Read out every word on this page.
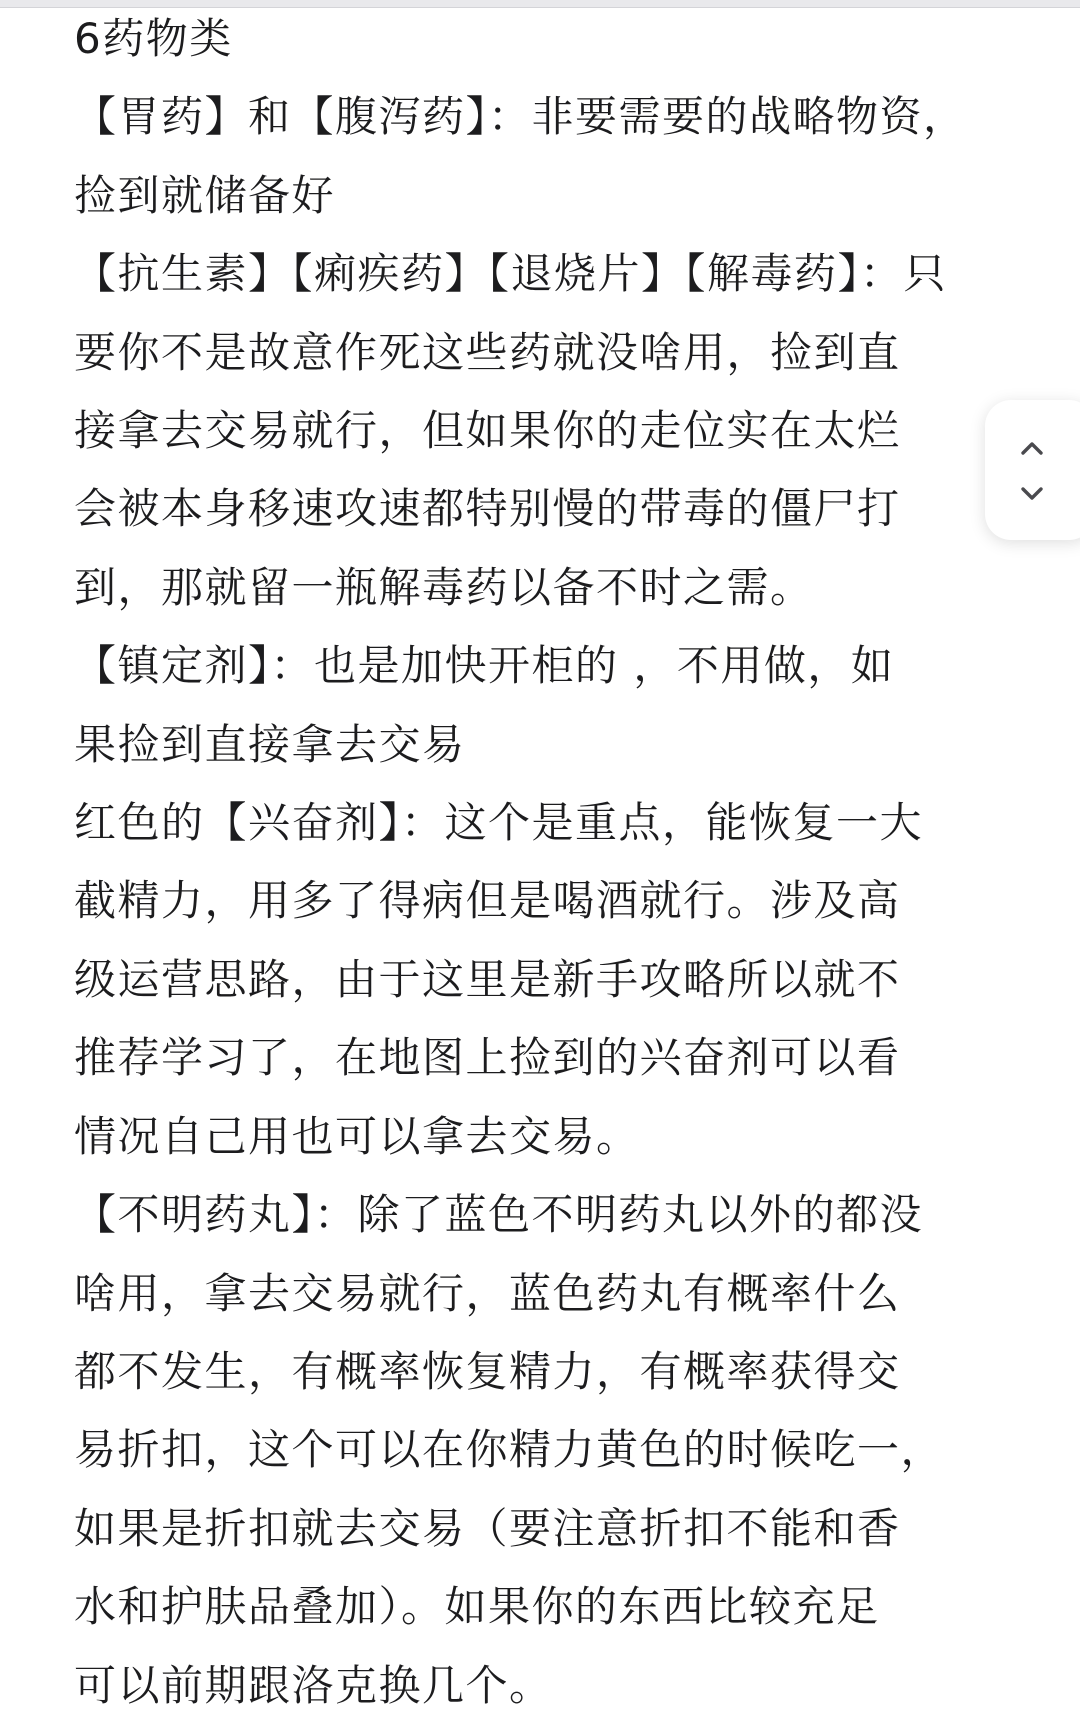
6药物类

【胃药】和【腹泻药】：非要需要的战略物资，

捡到就储备好

【抗生素】【痢疾药】【退烧片】【解毒药】：只

要你不是故意作死这些药就没啥用，捡到直

接拿去交易就行，但如果你的走位实在太烂

会被本身移速攻速都特别慢的带毒的僵尸打

到，那就留一瓶解毒药以备不时之需。

【镇定剂】：也是加快开柜的 ，不用做，如

果捡到直接拿去交易

红色的【兴奋剂】：这个是重点，能恢复一大

截精力，用多了得病但是喝酒就行。涉及高

级运营思路，由于这里是新手攻略所以就不

推荐学习了，在地图上捡到的兴奋剂可以看

情况自己用也可以拿去交易。

【不明药丸】：除了蓝色不明药丸以外的都没

啥用，拿去交易就行，蓝色药丸有概率什么

都不发生，有概率恢复精力，有概率获得交

易折扣，这个可以在你精力黄色的时候吃一，

如果是折扣就去交易（要注意折扣不能和香

水和护肤品叠加）。如果你的东西比较充足

可以前期跟洛克换几个。
